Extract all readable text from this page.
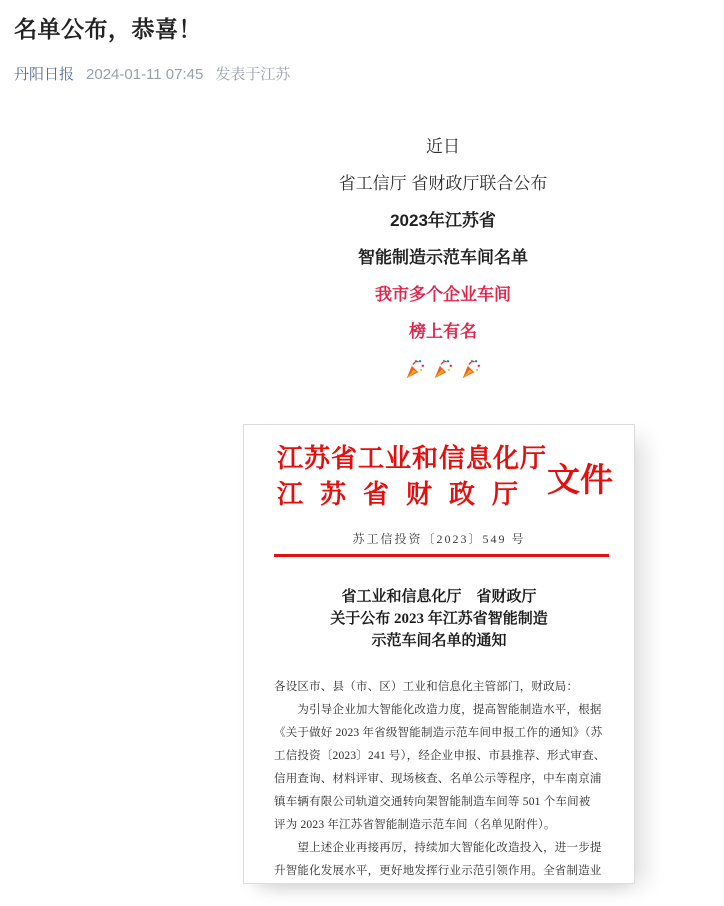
名单公布，恭喜！
丹阳日报 2024-01-11 07:45 发表于江苏

近日

省工信厅 省财政厅联合公布

2023年江苏省

智能制造示范车间名单

我市多个企业车间

榜上有名

江苏省工业和信息化厅
江苏省财政厅 文件
苏工信投资〔2023〕549 号
省工业和信息化厅　省财政厅
关于公布 2023 年江苏省智能制造
示范车间名单的通知
各设区市、县（市、区）工业和信息化主管部门，财政局：
　　为引导企业加大智能化改造力度，提高智能制造水平，根据
《关于做好 2023 年省级智能制造示范车间申报工作的通知》（苏
工信投资〔2023〕241 号），经企业申报、市县推荐、形式审查、
信用查询、材料评审、现场核查、名单公示等程序，中车南京浦
镇车辆有限公司轨道交通转向架智能制造车间等 501 个车间被
评为 2023 年江苏省智能制造示范车间（名单见附件）。
　　望上述企业再接再厉，持续加大智能化改造投入，进一步提
升智能化发展水平，更好地发挥行业示范引领作用。全省制造业
